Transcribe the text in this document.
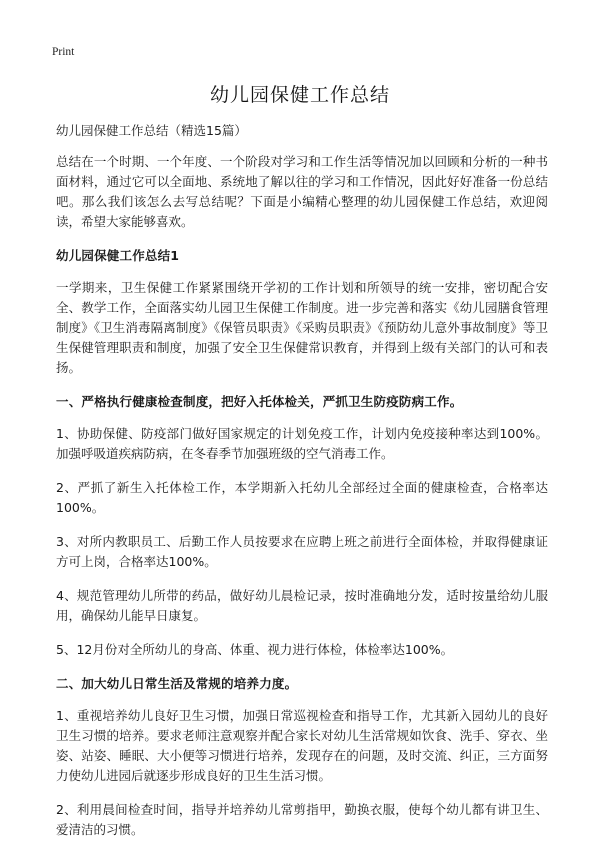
Print
幼儿园保健工作总结

幼儿园保健工作总结（精选15篇）

总结在一个时期、一个年度、一个阶段对学习和工作生活等情况加以回顾和分析的一种书面材料，通过它可以全面地、系统地了解以往的学习和工作情况，因此好好准备一份总结吧。那么我们该怎么去写总结呢？下面是小编精心整理的幼儿园保健工作总结，欢迎阅读，希望大家能够喜欢。

幼儿园保健工作总结1

一学期来，卫生保健工作紧紧围绕开学初的工作计划和所领导的统一安排，密切配合安全、教学工作，全面落实幼儿园卫生保健工作制度。进一步完善和落实《幼儿园膳食管理制度》《卫生消毒隔离制度》《保管员职责》《采购员职责》《预防幼儿意外事故制度》等卫生保健管理职责和制度，加强了安全卫生保健常识教育，并得到上级有关部门的认可和表扬。

一、严格执行健康检查制度，把好入托体检关，严抓卫生防疫防病工作。

1、协助保健、防疫部门做好国家规定的计划免疫工作，计划内免疫接种率达到100%。加强呼吸道疾病防病，在冬春季节加强班级的空气消毒工作。

2、严抓了新生入托体检工作，本学期新入托幼儿全部经过全面的健康检查，合格率达100%。

3、对所内教职员工、后勤工作人员按要求在应聘上班之前进行全面体检，并取得健康证方可上岗，合格率达100%。

4、规范管理幼儿所带的药品，做好幼儿晨检记录，按时准确地分发，适时按量给幼儿服用，确保幼儿能早日康复。

5、12月份对全所幼儿的身高、体重、视力进行体检，体检率达100%。

二、加大幼儿日常生活及常规的培养力度。

1、重视培养幼儿良好卫生习惯，加强日常巡视检查和指导工作，尤其新入园幼儿的良好卫生习惯的培养。要求老师注意观察并配合家长对幼儿生活常规如饮食、洗手、穿衣、坐姿、站姿、睡眠、大小便等习惯进行培养，发现存在的问题，及时交流、纠正，三方面努力使幼儿进园后就逐步形成良好的卫生生活习惯。

2、利用晨间检查时间，指导并培养幼儿常剪指甲，勤换衣服，使每个幼儿都有讲卫生、爱清洁的习惯。
